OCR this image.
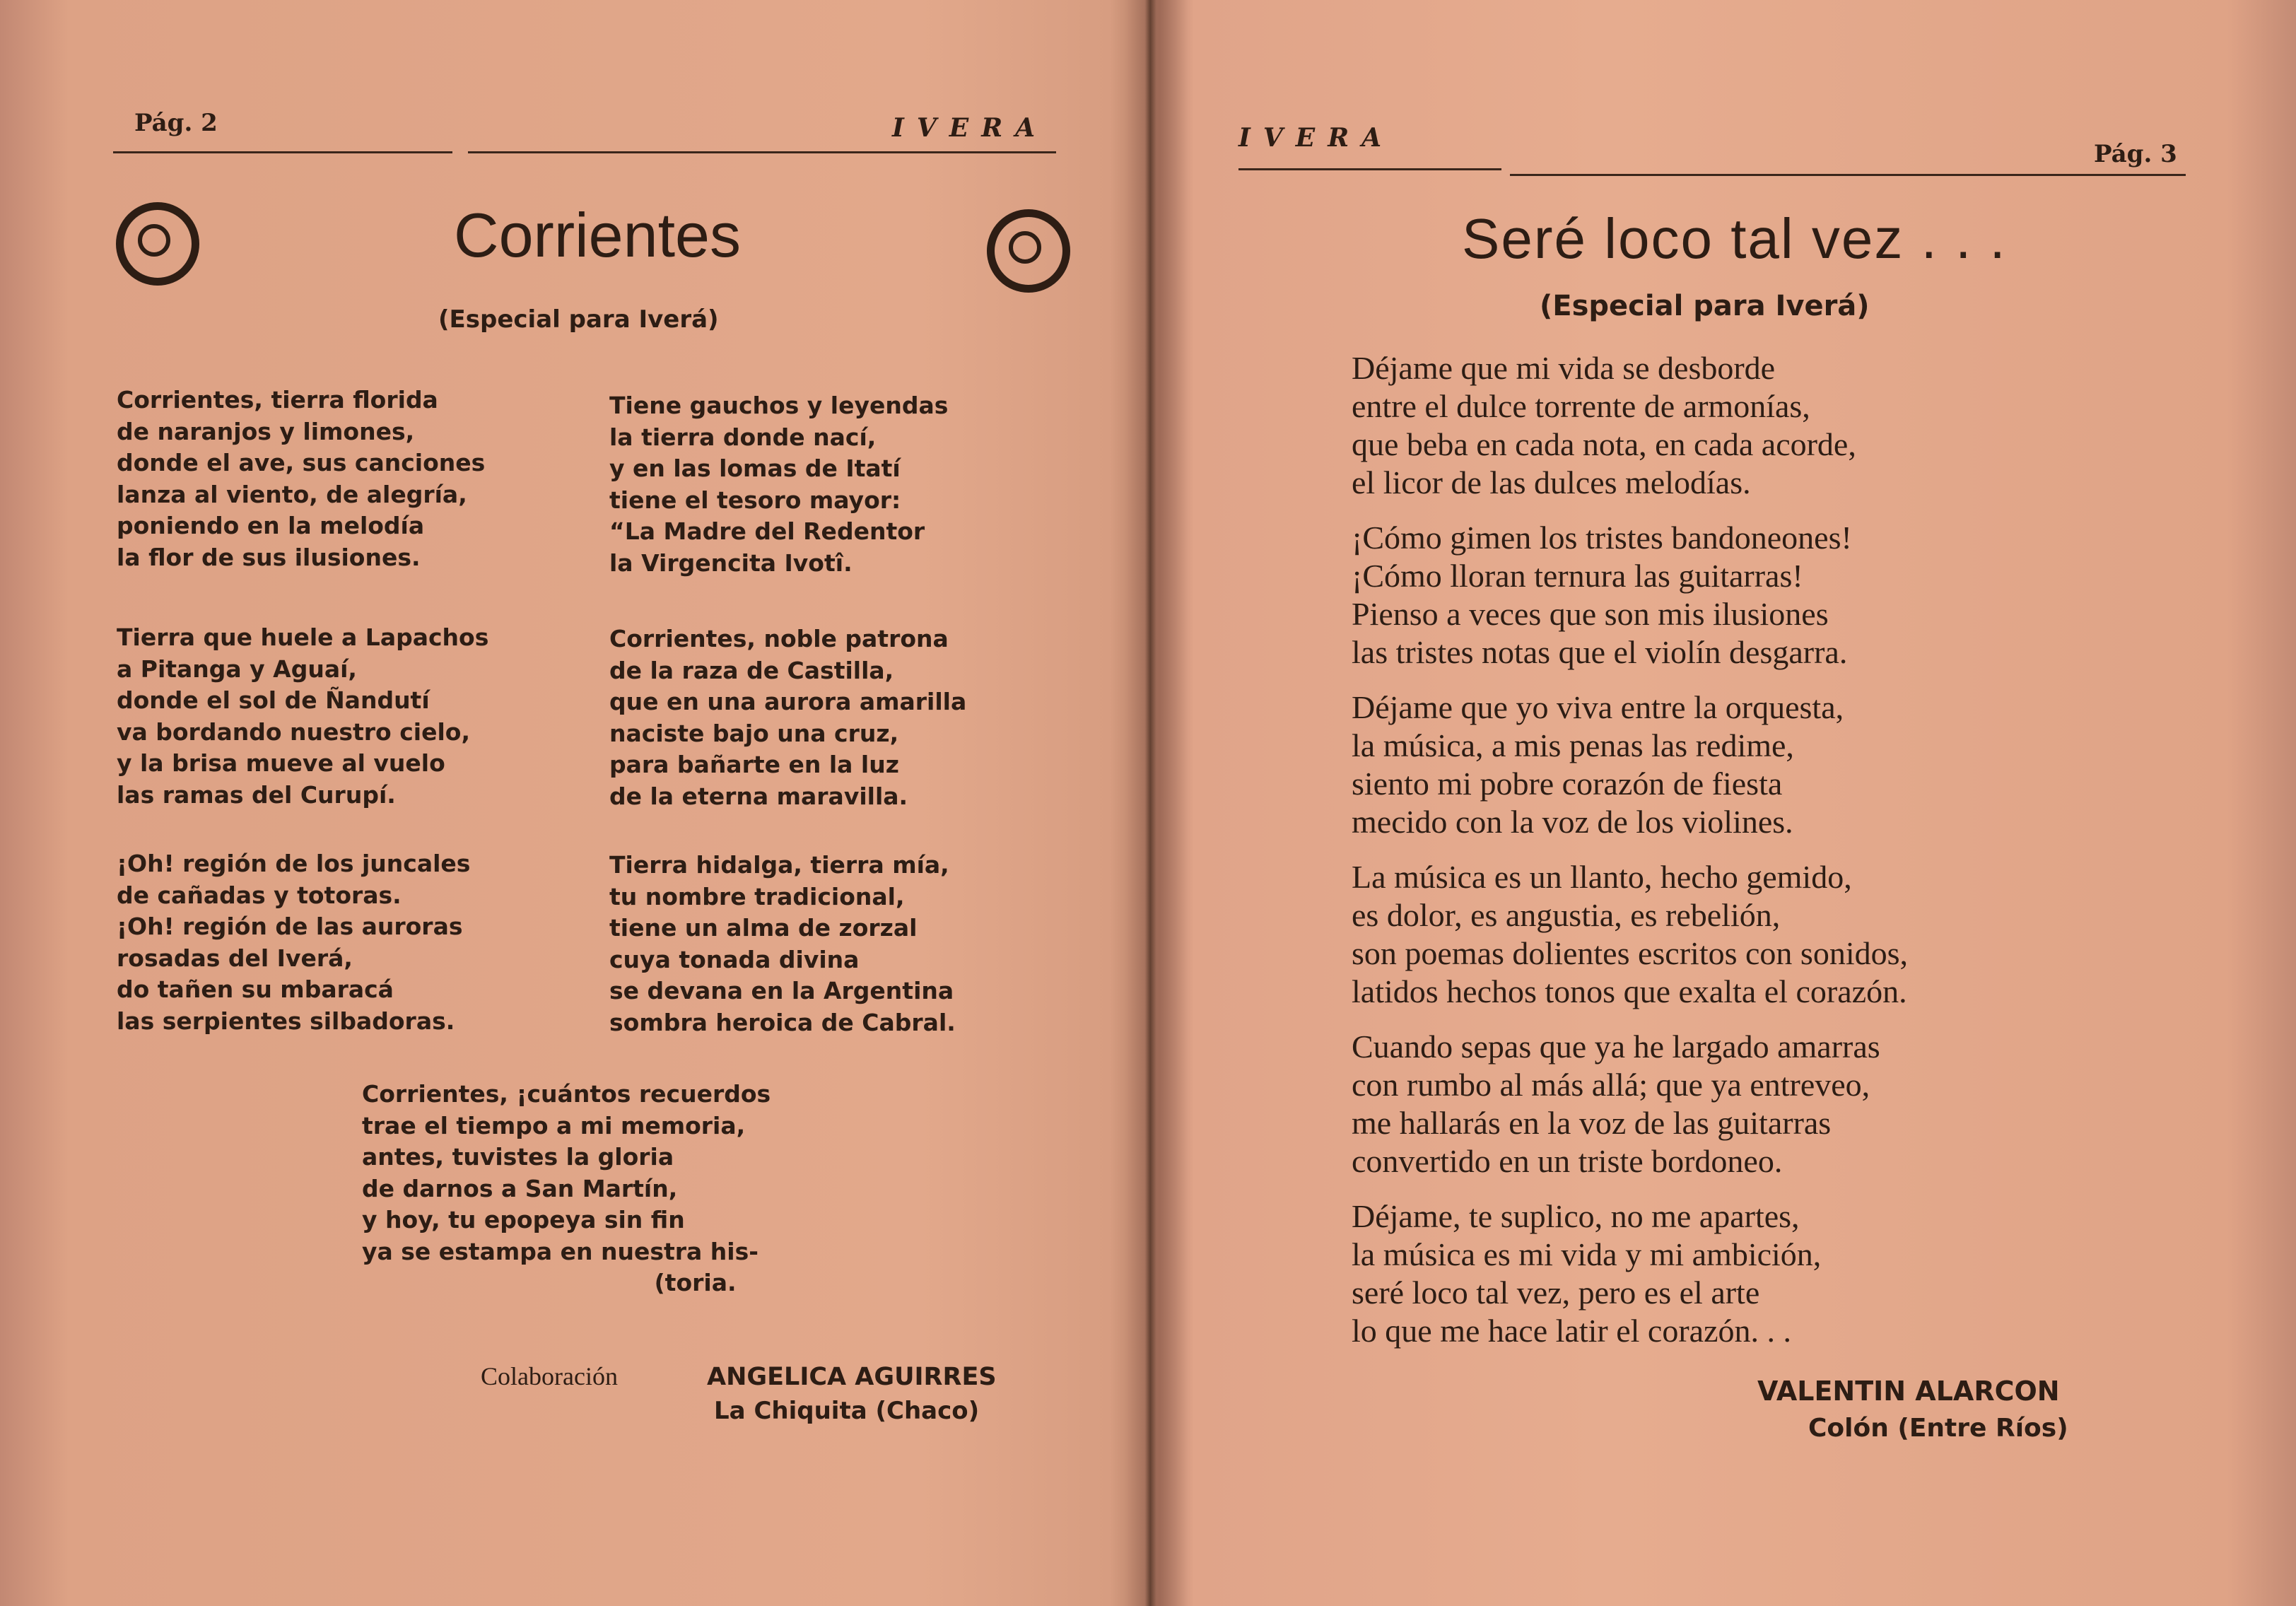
Pág. 2	IVERA
Corrientes
(Especial para Iverá)
Corrientes, tierra florida
de naranjos y limones,
donde el ave, sus canciones
lanza al viento, de alegría,
poniendo en la melodía
la flor de sus ilusiones.
Tiene gauchos y leyendas
la tierra donde nací,
y en las lomas de Itatí
tiene el tesoro mayor:
“La Madre del Redentor
la Virgencita Ivotî.
Tierra que huele a Lapachos
a Pitanga y Aguaí,
donde el sol de Ñandutí
va bordando nuestro cielo,
y la brisa mueve al vuelo
las ramas del Curupí.
Corrientes, noble patrona
de la raza de Castilla,
que en una aurora amarilla
naciste bajo una cruz,
para bañarte en la luz
de la eterna maravilla.
¡Oh! región de los juncales
de cañadas y totoras.
¡Oh! región de las auroras
rosadas del Iverá,
do tañen su mbaracá
las serpientes silbadoras.
Tierra hidalga, tierra mía,
tu nombre tradicional,
tiene un alma de zorzal
cuya tonada divina
se devana en la Argentina
sombra heroica de Cabral.
Corrientes, ¡cuántos recuerdos
trae el tiempo a mi memoria,
antes, tuvistes la gloria
de darnos a San Martín,
y hoy, tu epopeya sin fin
ya se estampa en nuestra his-
(toria.
Colaboración	ANGELICA AGUIRRES
La Chiquita (Chaco)
IVERA
Pág. 3
Seré loco tal vez . . .
(Especial para Iverá)
Déjame que mi vida se desborde
entre el dulce torrente de armonías,
que beba en cada nota, en cada acorde,
el licor de las dulces melodías.
¡Cómo gimen los tristes bandoneones!
¡Cómo lloran ternura las guitarras!
Pienso a veces que son mis ilusiones
las tristes notas que el violín desgarra.
Déjame que yo viva entre la orquesta,
la música, a mis penas las redime,
siento mi pobre corazón de fiesta
mecido con la voz de los violines.
La música es un llanto, hecho gemido,
es dolor, es angustia, es rebelión,
son poemas dolientes escritos con sonidos,
latidos hechos tonos que exalta el corazón.
Cuando sepas que ya he largado amarras
con rumbo al más allá; que ya entreveo,
me hallarás en la voz de las guitarras
convertido en un triste bordoneo.
Déjame, te suplico, no me apartes,
la música es mi vida y mi ambición,
seré loco tal vez, pero es el arte
lo que me hace latir el corazón. . .
VALENTIN ALARCON
Colón (Entre Ríos)
